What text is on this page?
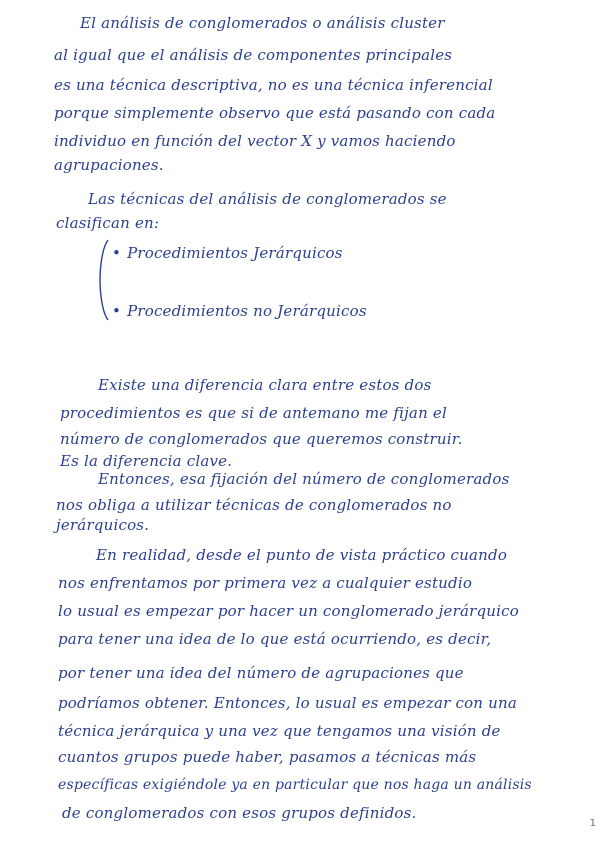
El análisis de conglomerados o análisis cluster
al igual que el análisis de componentes principales
es una técnica descriptiva, no es una técnica inferencial
porque simplemente observo que está pasando con cada
individuo en función del vector X y vamos haciendo
agrupaciones.
Las técnicas del análisis de conglomerados se
clasifican en:
• Procedimientos Jerárquicos
• Procedimientos no Jerárquicos
Existe una diferencia clara entre estos dos
procedimientos es que si de antemano me fijan el
número de conglomerados que queremos construir.
Es la diferencia clave.
Entonces, esa fijación del número de conglomerados
nos obliga a utilizar técnicas de conglomerados no
jerárquicos.
En realidad, desde el punto de vista práctico cuando
nos enfrentamos por primera vez a cualquier estudio
lo usual es empezar por hacer un conglomerado jerárquico
para tener una idea de lo que está ocurriendo, es decir,
por tener una idea del número de agrupaciones que
podríamos obtener. Entonces, lo usual es empezar con una
técnica jerárquica y una vez que tengamos una visión de
cuantos grupos puede haber, pasamos a técnicas más
específicas exigiéndole ya en particular que nos haga un análisis
de conglomerados con esos grupos definidos.
1
